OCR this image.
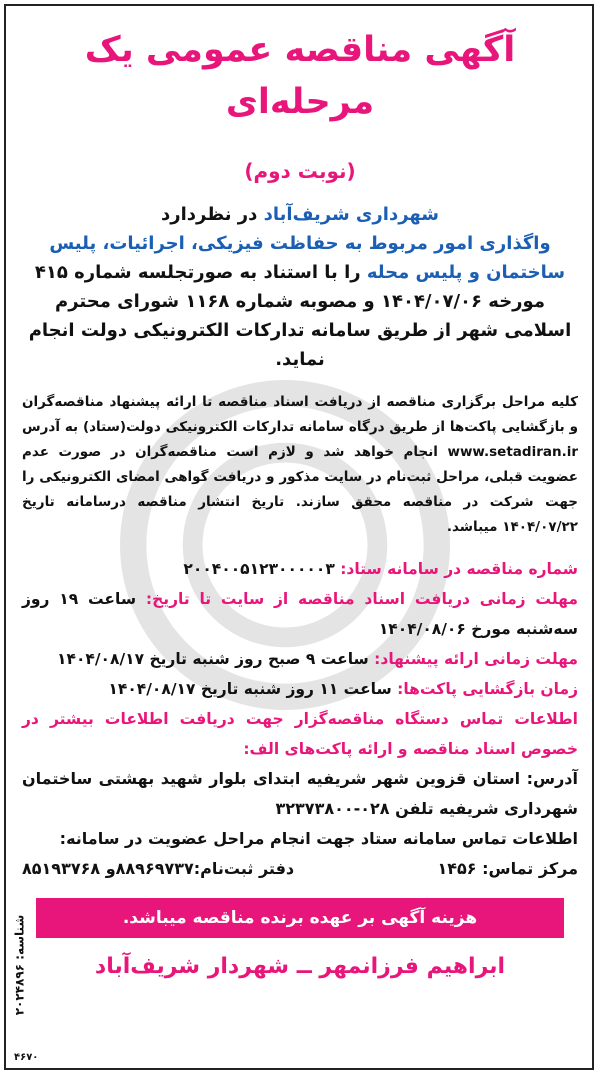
آگهی مناقصه عمومی یک مرحله‌ای
(نوبت دوم)
شهرداری شریف‌آباد در نظردارد
واگذاری امور مربوط به حفاظت فیزیکی، اجرائیات، پلیس ساختمان و پلیس محله را با استناد به صورتجلسه شماره ۴۱۵ مورخه ۱۴۰۴/۰۷/۰۶ و مصوبه شماره ۱۱۶۸ شورای محترم اسلامی شهر از طریق سامانه تدارکات الکترونیکی دولت انجام نماید.
کلیه مراحل برگزاری مناقصه از دریافت اسناد مناقصه تا ارائه پیشنهاد مناقصه‌گران و بازگشایی پاکت‌ها از طریق درگاه سامانه تدارکات الکترونیکی دولت(ستاد) به آدرس www.setadiran.ir انجام خواهد شد و لازم است مناقصه‌گران در صورت عدم عضویت قبلی، مراحل ثبت‌نام در سایت مذکور و دریافت گواهی امضای الکترونیکی را جهت شرکت در مناقصه محقق سازند. تاریخ انتشار مناقصه درسامانه تاریخ ۱۴۰۴/۰۷/۲۲ میباشد.
شماره مناقصه در سامانه ستاد: ۲۰۰۴۰۰۵۱۲۳۰۰۰۰۰۳
مهلت زمانی دریافت اسناد مناقصه از سایت تا تاریخ: ساعت ۱۹ روز سه‌شنبه مورخ ۱۴۰۴/۰۸/۰۶
مهلت زمانی ارائه پیشنهاد: ساعت ۹ صبح روز شنبه تاریخ ۱۴۰۴/۰۸/۱۷
زمان بازگشایی پاکت‌ها: ساعت ۱۱ روز شنبه تاریخ ۱۴۰۴/۰۸/۱۷
اطلاعات تماس دستگاه مناقصه‌گزار جهت دریافت اطلاعات بیشتر در خصوص اسناد مناقصه و ارائه پاکت‌های الف:
آدرس: استان قزوین شهر شریفیه ابتدای بلوار شهید بهشتی ساختمان شهرداری شریفیه تلفن ۰۲۸-۳۲۳۷۳۸۰۰
اطلاعات تماس سامانه ستاد جهت انجام مراحل عضویت در سامانه:
مرکز تماس: ۱۴۵۶
دفتر ثبت‌نام:۸۸۹۶۹۷۳۷و ۸۵۱۹۳۷۶۸
هزینه آگهی بر عهده برنده مناقصه میباشد.
ابراهیم فرزانمهر ــ شهردار شریف‌آباد
شناسه: ۲۰۲۴۸۹۶
۴۶۷۰
